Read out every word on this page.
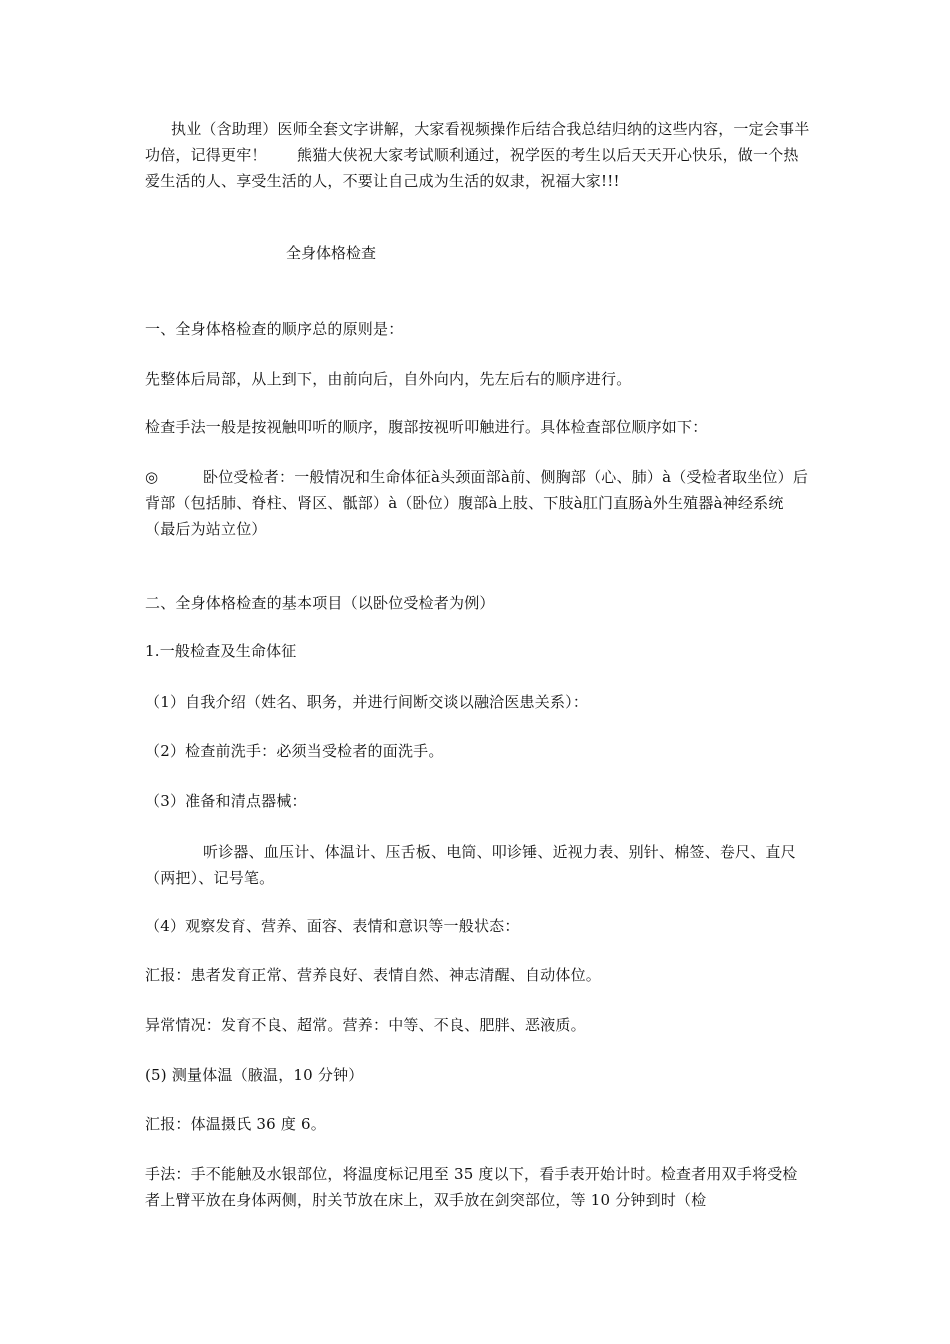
执业（含助理）医师全套文字讲解，大家看视频操作后结合我总结归纳的这些内容，一定会事半功倍，记得更牢！　　熊猫大侠祝大家考试顺利通过，祝学医的考生以后天天开心快乐，做一个热爱生活的人、享受生活的人，不要让自己成为生活的奴隶，祝福大家!!!

全身体格检查

一、全身体格检查的顺序总的原则是：

先整体后局部，从上到下，由前向后，自外向内，先左后右的顺序进行。

检查手法一般是按视触叩听的顺序，腹部按视听叩触进行。具体检查部位顺序如下：

◎	卧位受检者：一般情况和生命体征à头颈面部à前、侧胸部（心、肺）à（受检者取坐位）后背部（包括肺、脊柱、肾区、骶部）à（卧位）腹部à上肢、下肢à肛门直肠à外生殖器à神经系统（最后为站立位）

二、全身体格检查的基本项目（以卧位受检者为例）

1.一般检查及生命体征

（1）自我介绍（姓名、职务，并进行间断交谈以融洽医患关系）：

（2）检查前洗手：必须当受检者的面洗手。

（3）准备和清点器械：

听诊器、血压计、体温计、压舌板、电筒、叩诊锤、近视力表、别针、棉签、卷尺、直尺（两把）、记号笔。

（4）观察发育、营养、面容、表情和意识等一般状态：

汇报：患者发育正常、营养良好、表情自然、神志清醒、自动体位。

异常情况：发育不良、超常。营养：中等、不良、肥胖、恶液质。

(5) 测量体温（腋温，10 分钟）

汇报：体温摄氏 36 度 6。

手法：手不能触及水银部位，将温度标记甩至 35 度以下，看手表开始计时。检查者用双手将受检者上臂平放在身体两侧，肘关节放在床上，双手放在剑突部位，等 10 分钟到时（检
